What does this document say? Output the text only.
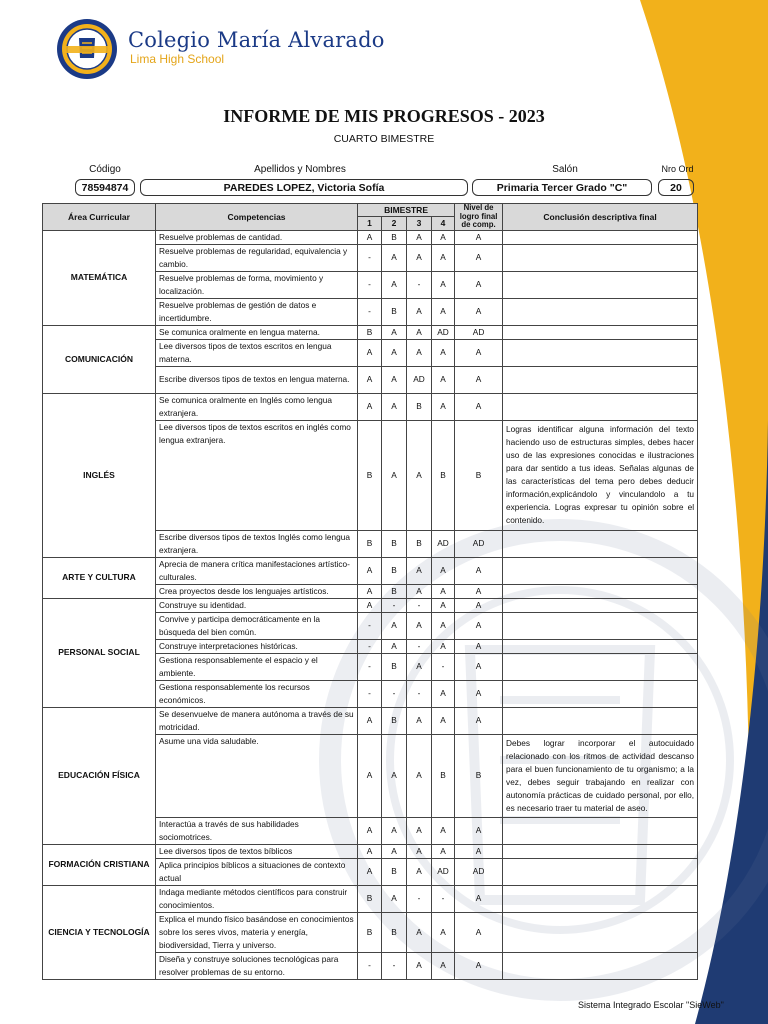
Colegio María Alvarado
Lima High School
INFORME DE MIS PROGRESOS - 2023
CUARTO BIMESTRE
Código	Apellidos y Nombres	Salón	Nro Ord
78594874	PAREDES LOPEZ, Victoria Sofía	Primaria Tercer Grado "C"	20
Área Curricular	Competencias	BIMESTRE				Nivel de logro final de comp.	Conclusión descriptiva final
		1	2	3	4		
MATEMÁTICA	Resuelve problemas de cantidad.	A	B	A	A	A	
	Resuelve problemas de regularidad, equivalencia y cambio.	-	A	A	A	A	
	Resuelve problemas de forma, movimiento y localización.	-	A	-	A	A	
	Resuelve problemas de gestión de datos e incertidumbre.	-	B	A	A	A	
COMUNICACIÓN	Se comunica oralmente en lengua materna.	B	A	A	AD	AD	
	Lee diversos tipos de textos escritos en lengua materna.	A	A	A	A	A	
	Escribe diversos tipos de textos en lengua materna.	A	A	AD	A	A	
INGLÉS	Se comunica oralmente en Inglés como lengua extranjera.	A	A	B	A	A	
	Lee diversos tipos de textos escritos en inglés como lengua extranjera.	B	A	A	B	B	Logras identificar alguna información del texto haciendo uso de estructuras simples, debes hacer uso de las expresiones conocidas e ilustraciones para dar sentido a tus ideas. Señalas algunas de las características del tema pero debes deducir información,explicándolo y vinculandolo a tu experiencia. Logras expresar tu opinión sobre el contenido.
	Escribe diversos tipos de textos Inglés como lengua extranjera.	B	B	B	AD	AD	
ARTE Y CULTURA	Aprecia de manera crítica manifestaciones artístico-culturales.	A	B	A	A	A	
	Crea proyectos desde los lenguajes artísticos.	A	B	A	A	A	
PERSONAL SOCIAL	Construye su identidad.	A	-	-	A	A	
	Convive y participa democráticamente en la búsqueda del bien común.	-	A	A	A	A	
	Construye interpretaciones históricas.	-	A	-	A	A	
	Gestiona responsablemente el espacio y el ambiente.	-	B	A	-	A	
	Gestiona responsablemente los recursos económicos.	-	-	-	A	A	
EDUCACIÓN FÍSICA	Se desenvuelve de manera autónoma a través de su motricidad.	A	B	A	A	A	
	Asume una vida saludable.	A	A	A	B	B	Debes lograr incorporar el autocuidado relacionado con los ritmos de actividad descanso para el buen funcionamiento de tu organismo; a la vez, debes seguir trabajando en realizar con autonomía prácticas de cuidado personal, por ello, es necesario traer tu material de aseo.
	Interactúa a través de sus habilidades sociomotrices.	A	A	A	A	A	
FORMACIÓN CRISTIANA	Lee diversos tipos de textos bíblicos	A	A	A	A	A	
	Aplica principios bíblicos a situaciones de contexto actual	A	B	A	AD	AD	
CIENCIA Y TECNOLOGÍA	Indaga mediante métodos científicos para construir conocimientos.	B	A	-	-	A	
	Explica el mundo físico basándose en conocimientos sobre los seres vivos, materia y energía, biodiversidad, Tierra y universo.	B	B	A	A	A	
	Diseña y construye soluciones tecnológicas para resolver problemas de su entorno.	-	-	A	A	A	
Sistema Integrado Escolar "SieWeb"
